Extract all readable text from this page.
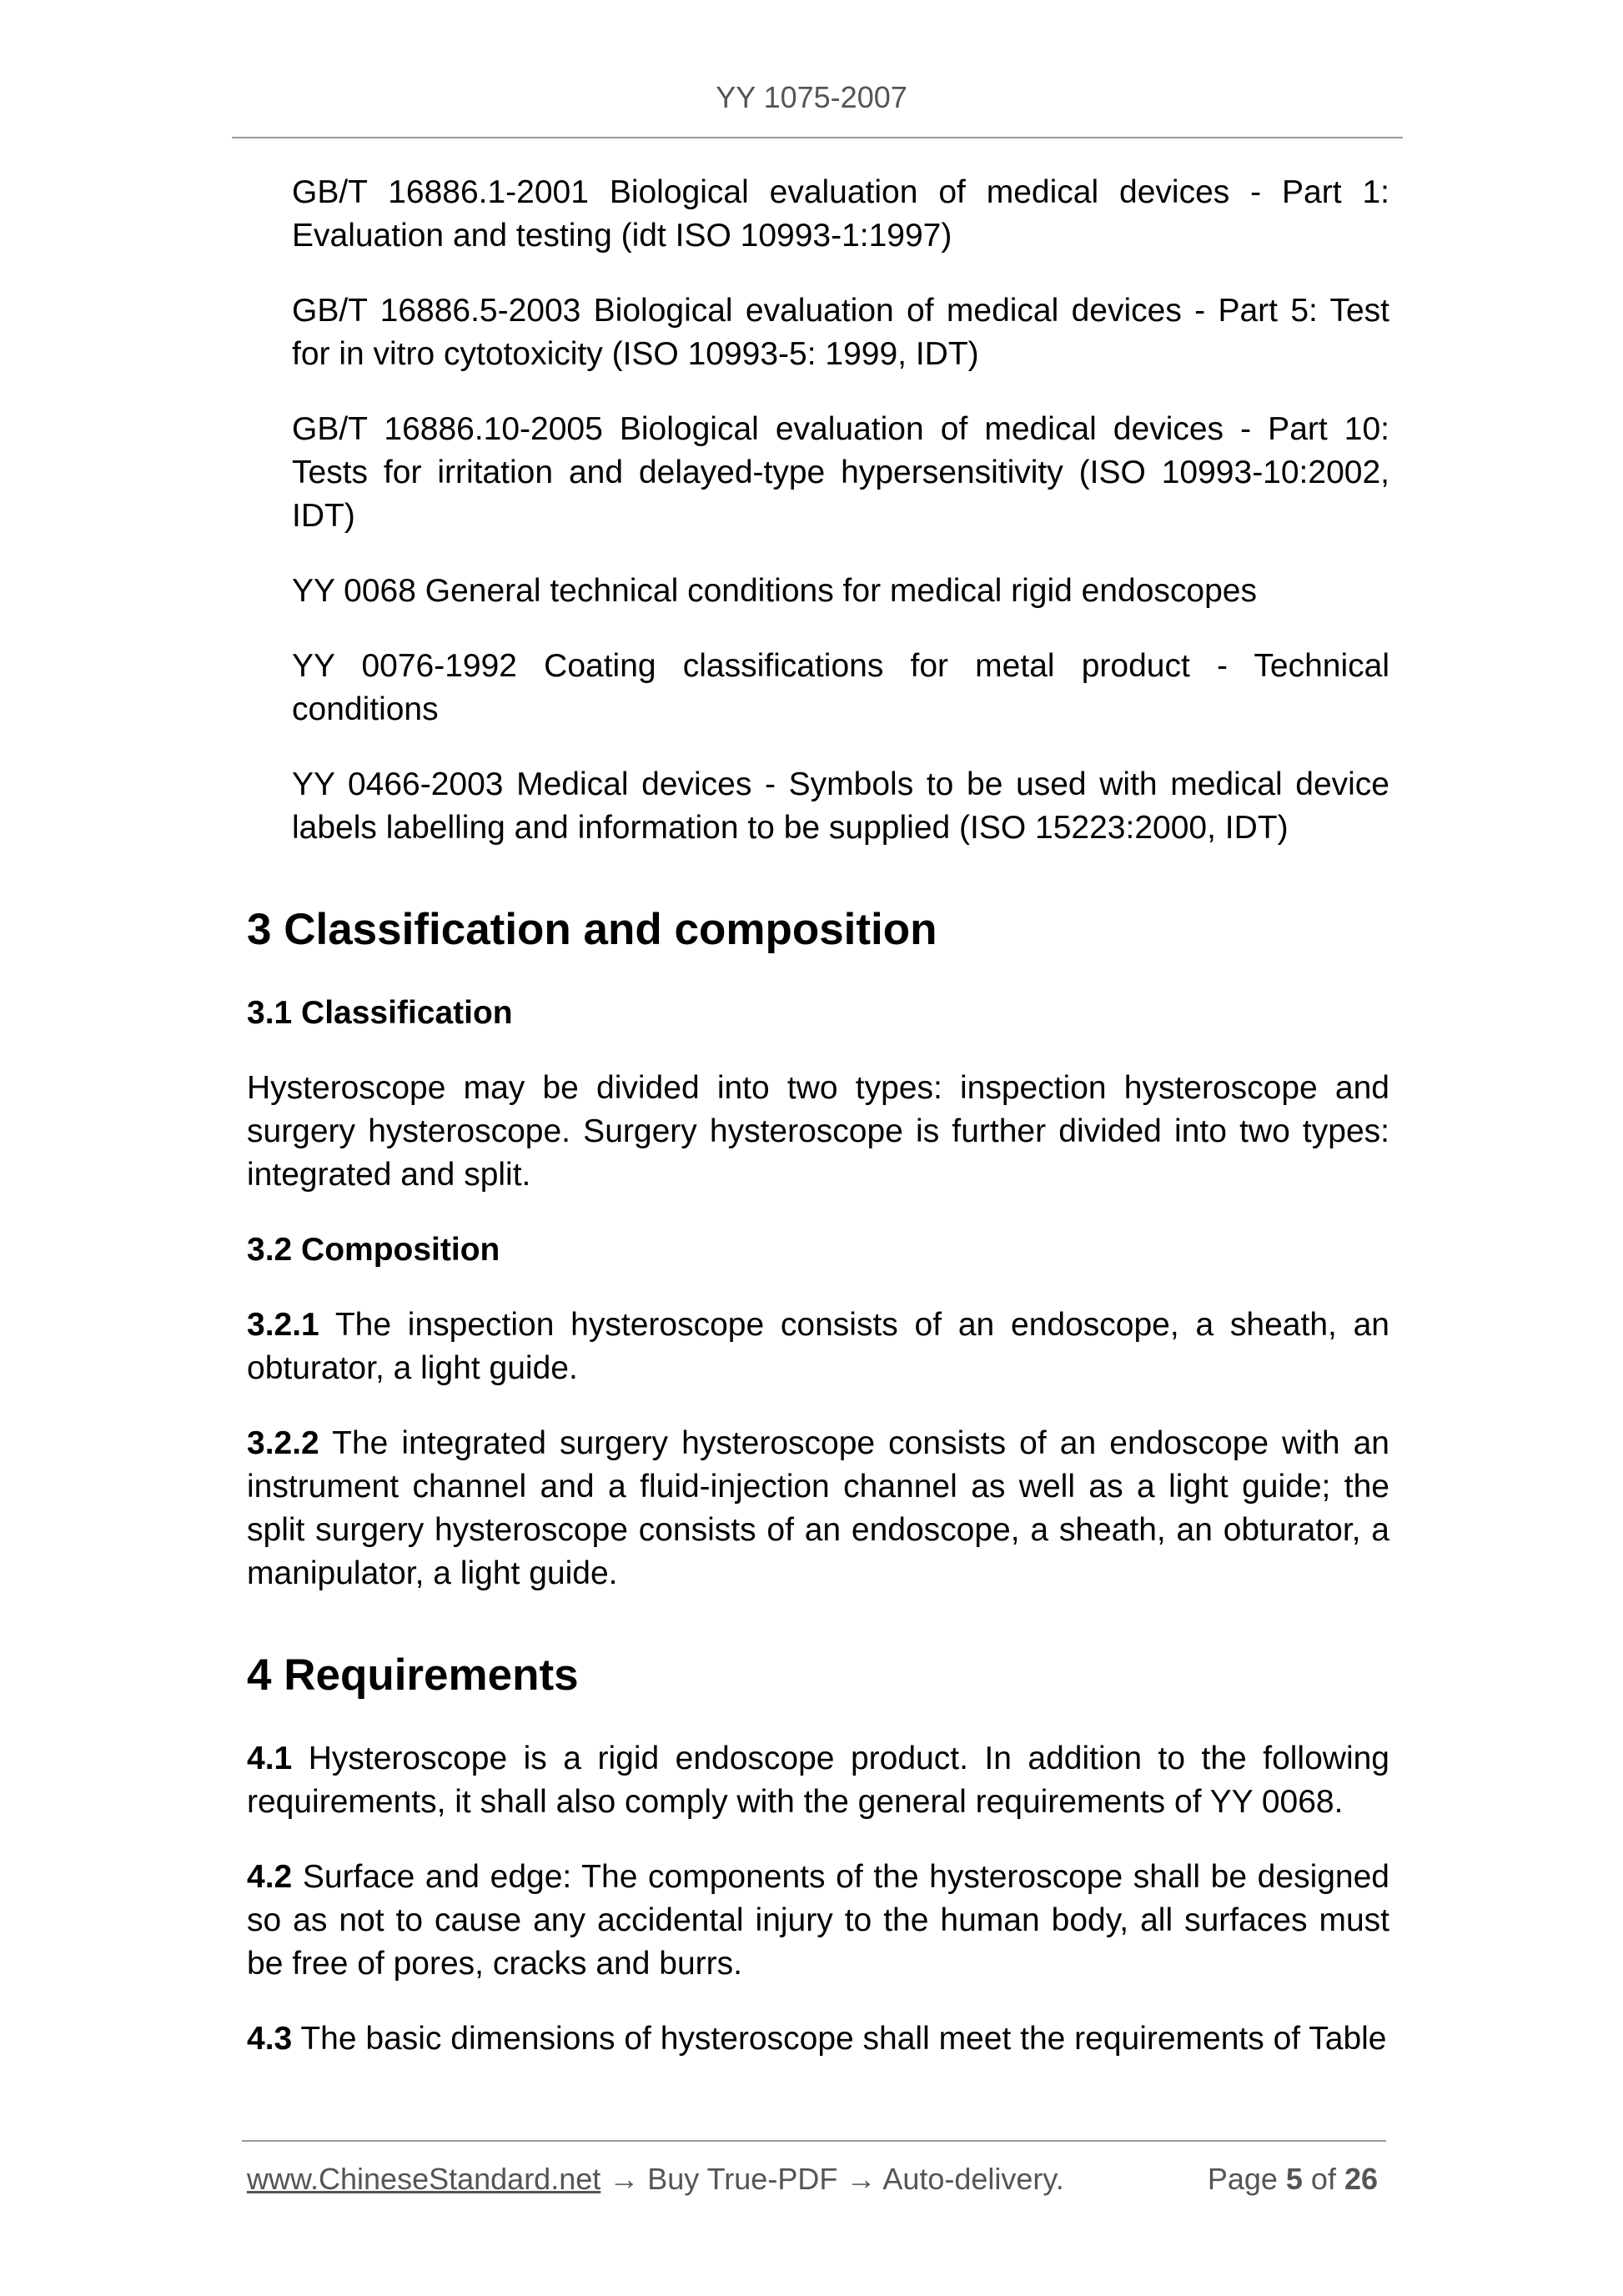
YY 1075-2007

GB/T 16886.1-2001 Biological evaluation of medical devices - Part 1: Evaluation and testing (idt ISO 10993-1:1997)

GB/T 16886.5-2003 Biological evaluation of medical devices - Part 5: Test for in vitro cytotoxicity (ISO 10993-5: 1999, IDT)

GB/T 16886.10-2005 Biological evaluation of medical devices - Part 10: Tests for irritation and delayed-type hypersensitivity (ISO 10993-10:2002, IDT)

YY 0068 General technical conditions for medical rigid endoscopes

YY 0076-1992 Coating classifications for metal product - Technical conditions

YY 0466-2003 Medical devices - Symbols to be used with medical device labels labelling and information to be supplied (ISO 15223:2000, IDT)

3 Classification and composition
3.1 Classification

Hysteroscope may be divided into two types: inspection hysteroscope and surgery hysteroscope. Surgery hysteroscope is further divided into two types: integrated and split.

3.2 Composition

3.2.1 The inspection hysteroscope consists of an endoscope, a sheath, an obturator, a light guide.

3.2.2 The integrated surgery hysteroscope consists of an endoscope with an instrument channel and a fluid-injection channel as well as a light guide; the split surgery hysteroscope consists of an endoscope, a sheath, an obturator, a manipulator, a light guide.

4 Requirements

4.1 Hysteroscope is a rigid endoscope product. In addition to the following requirements, it shall also comply with the general requirements of YY 0068.

4.2 Surface and edge: The components of the hysteroscope shall be designed so as not to cause any accidental injury to the human body, all surfaces must be free of pores, cracks and burrs.

4.3 The basic dimensions of hysteroscope shall meet the requirements of Table

www.ChineseStandard.net → Buy True-PDF → Auto-delivery.	Page 5 of 26
